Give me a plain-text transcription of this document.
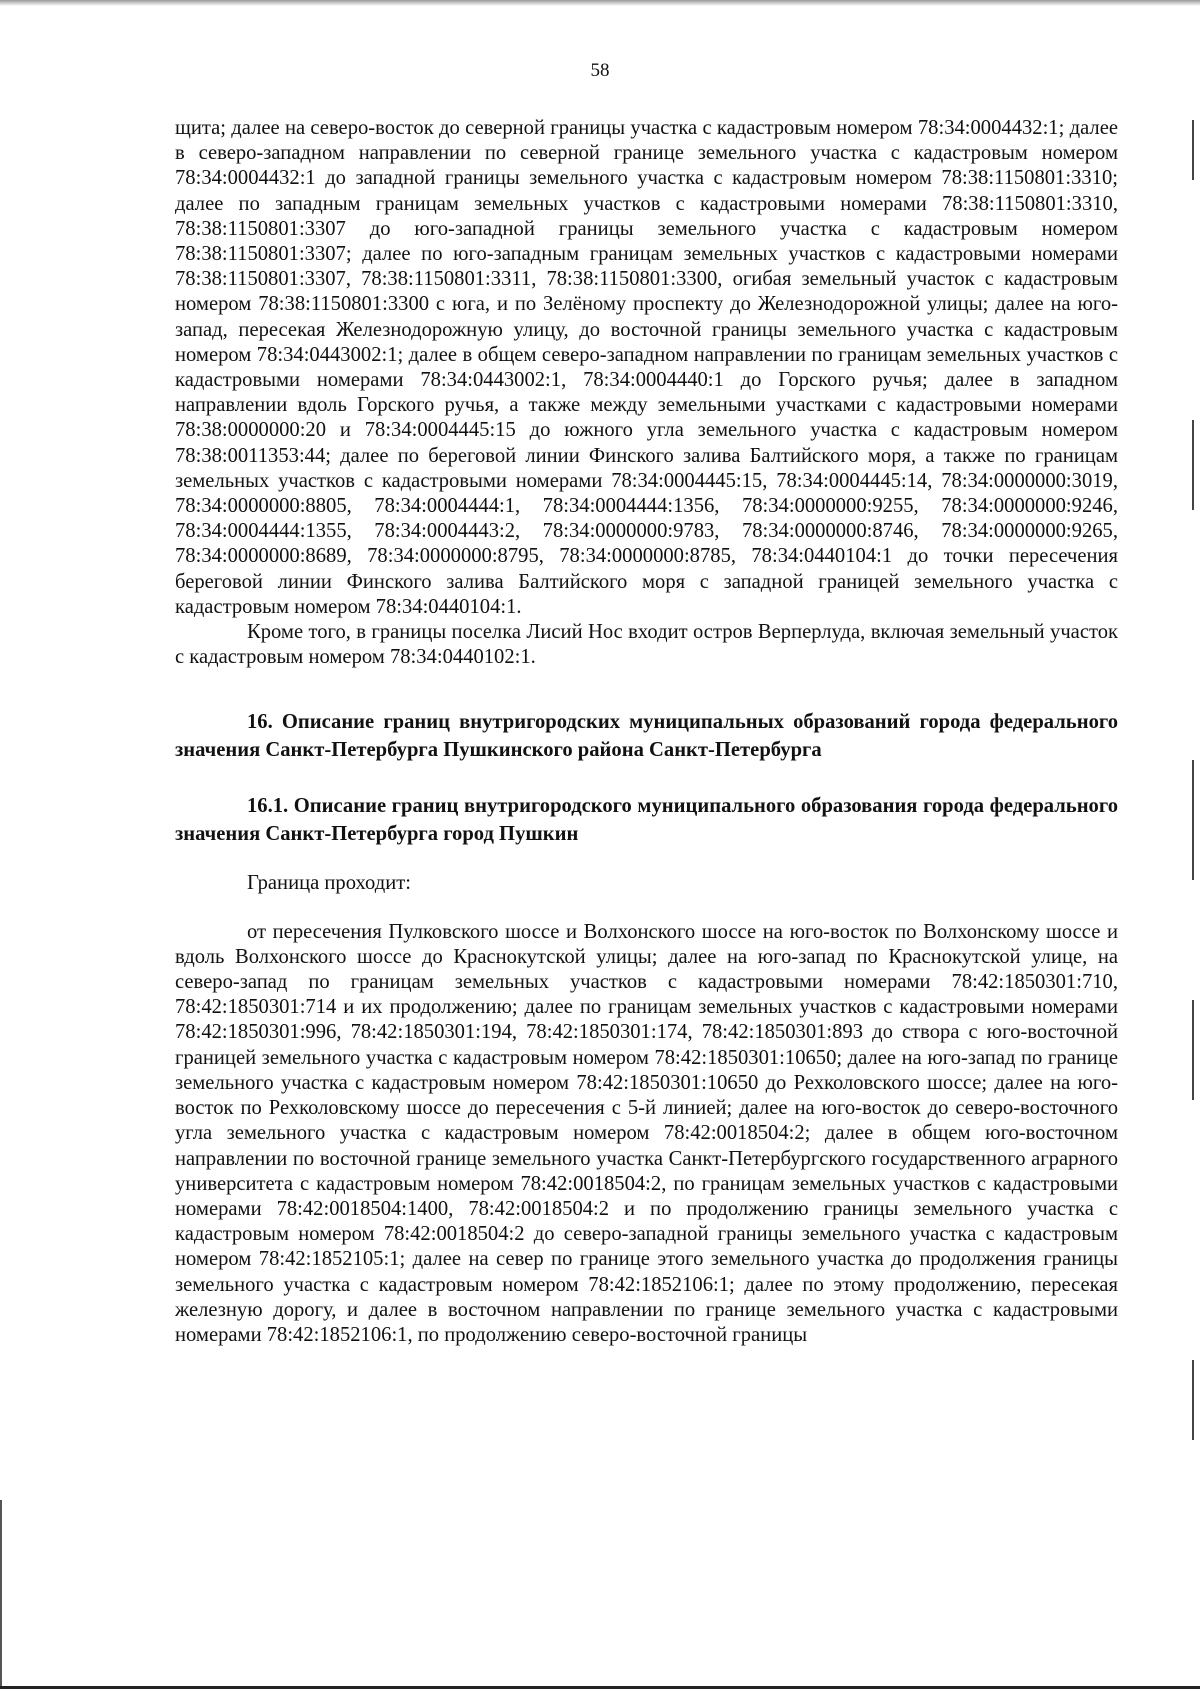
58

щита; далее на северо-восток до северной границы участка с кадастровым номером 78:34:0004432:1; далее в северо-западном направлении по северной границе земельного участка с кадастровым номером 78:34:0004432:1 до западной границы земельного участка с кадастровым номером 78:38:1150801:3310; далее по западным границам земельных участков с кадастровыми номерами 78:38:1150801:3310, 78:38:1150801:3307 до юго-западной границы земельного участка с кадастровым номером 78:38:1150801:3307; далее по юго-западным границам земельных участков с кадастровыми номерами 78:38:1150801:3307, 78:38:1150801:3311, 78:38:1150801:3300, огибая земельный участок с кадастровым номером 78:38:1150801:3300 с юга, и по Зелёному проспекту до Железнодорожной улицы; далее на юго-запад, пересекая Железнодорожную улицу, до восточной границы земельного участка с кадастровым номером 78:34:0443002:1; далее в общем северо-западном направлении по границам земельных участков с кадастровыми номерами 78:34:0443002:1, 78:34:0004440:1 до Горского ручья; далее в западном направлении вдоль Горского ручья, а также между земельными участками с кадастровыми номерами 78:38:0000000:20 и 78:34:0004445:15 до южного угла земельного участка с кадастровым номером 78:38:0011353:44; далее по береговой линии Финского залива Балтийского моря, а также по границам земельных участков с кадастровыми номерами 78:34:0004445:15, 78:34:0004445:14, 78:34:0000000:3019, 78:34:0000000:8805, 78:34:0004444:1, 78:34:0004444:1356, 78:34:0000000:9255, 78:34:0000000:9246, 78:34:0004444:1355, 78:34:0004443:2, 78:34:0000000:9783, 78:34:0000000:8746, 78:34:0000000:9265, 78:34:0000000:8689, 78:34:0000000:8795, 78:34:0000000:8785, 78:34:0440104:1 до точки пересечения береговой линии Финского залива Балтийского моря с западной границей земельного участка с кадастровым номером 78:34:0440104:1.

Кроме того, в границы поселка Лисий Нос входит остров Верперлуда, включая земельный участок с кадастровым номером 78:34:0440102:1.

16. Описание границ внутригородских муниципальных образований города федерального значения Санкт-Петербурга Пушкинского района Санкт-Петербурга
16.1. Описание границ внутригородского муниципального образования города федерального значения Санкт-Петербурга город Пушкин

Граница проходит:

от пересечения Пулковского шоссе и Волхонского шоссе на юго-восток по Волхонскому шоссе и вдоль Волхонского шоссе до Краснокутской улицы; далее на юго-запад по Краснокутской улице, на северо-запад по границам земельных участков с кадастровыми номерами 78:42:1850301:710, 78:42:1850301:714 и их продолжению; далее по границам земельных участков с кадастровыми номерами 78:42:1850301:996, 78:42:1850301:194, 78:42:1850301:174, 78:42:1850301:893 до створа с юго-восточной границей земельного участка с кадастровым номером 78:42:1850301:10650; далее на юго-запад по границе земельного участка с кадастровым номером 78:42:1850301:10650 до Рехколовского шоссе; далее на юго-восток по Рехколовскому шоссе до пересечения с 5-й линией; далее на юго-восток до северо-восточного угла земельного участка с кадастровым номером 78:42:0018504:2; далее в общем юго-восточном направлении по восточной границе земельного участка Санкт-Петербургского государственного аграрного университета с кадастровым номером 78:42:0018504:2, по границам земельных участков с кадастровыми номерами 78:42:0018504:1400, 78:42:0018504:2 и по продолжению границы земельного участка с кадастровым номером 78:42:0018504:2 до северо-западной границы земельного участка с кадастровым номером 78:42:1852105:1; далее на север по границе этого земельного участка до продолжения границы земельного участка с кадастровым номером 78:42:1852106:1; далее по этому продолжению, пересекая железную дорогу, и далее в восточном направлении по границе земельного участка с кадастровыми номерами 78:42:1852106:1, по продолжению северо-восточной границы
